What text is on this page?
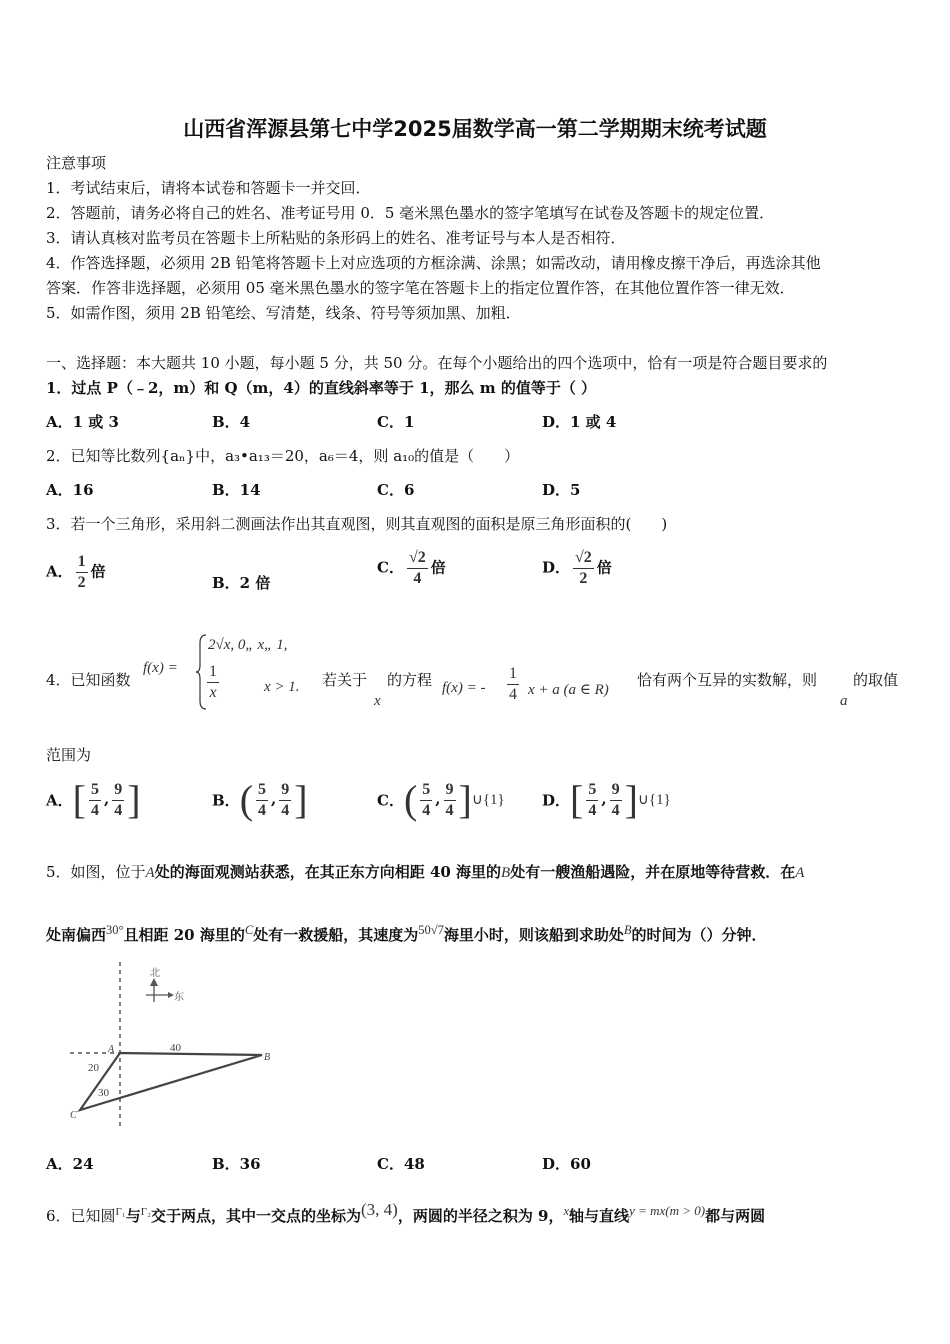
山西省浑源县第七中学2025届数学高一第二学期期末统考试题
注意事项
1．考试结束后，请将本试卷和答题卡一并交回．
2．答题前，请务必将自己的姓名、准考证号用 0．5 毫米黑色墨水的签字笔填写在试卷及答题卡的规定位置．
3．请认真核对监考员在答题卡上所粘贴的条形码上的姓名、准考证号与本人是否相符．
4．作答选择题，必须用 2B 铅笔将答题卡上对应选项的方框涂满、涂黑；如需改动，请用橡皮擦干净后，再选涂其他
答案．作答非选择题，必须用 05 毫米黑色墨水的签字笔在答题卡上的指定位置作答，在其他位置作答一律无效．
5．如需作图，须用 2B 铅笔绘、写清楚，线条、符号等须加黑、加粗．
一、选择题：本大题共 10 小题，每小题 5 分，共 50 分。在每个小题给出的四个选项中，恰有一项是符合题目要求的
1．过点 P（﹣2，m）和 Q（m，4）的直线斜率等于 1，那么 m 的值等于（ ）
A．1 或 3	B．4	C．1	D．1 或 4
2．已知等比数列{aₙ}中，a₃•a₁₃＝20，a₆＝4，则 a₁₀的值是（　　）
A．16	B．14	C．6	D．5
3．若一个三角形，采用斜二测画法作出其直观图，则其直观图的面积是原三角形面积的(　　)
A． $\frac{1}{2}$ 倍
B．2 倍
C． $\frac{√2}{4}$ 倍	D． $\frac{√2}{2}$ 倍
4．已知函数
f(x) =
2√x, 0„ x„ 1,
$\frac{1}{x}$	x > 1. 若关于
x
的方程 f(x) = - $\frac{1}{4}$ x + a (a ∈ R)
恰有两个互异的实数解，则
a
的取值
范围为
A．[ $\frac{5}{4}$ , $\frac{9}{4}$ ]	B．( $\frac{5}{4}$ , $\frac{9}{4}$ ]	C．( $\frac{5}{4}$ , $\frac{9}{4}$ ]∪{1} D．[ $\frac{5}{4}$ , $\frac{9}{4}$ ]∪{1}
5．如图，位于A处的海面观测站获悉，在其正东方向相距 40 海里的B处有一艘渔船遇险，并在原地等待营救．在A
处南偏西$^{30^\circ}$且相距 20 海里的$^C$处有一救援船，其速度为$^{50√7}$海里小时，则该船到求助处$^B$的时间为（）分钟．
北
东
A
B
C
40
20
30
A．24	B．36	C．48	D．60
6．已知圆$^{\Gamma_1}$与$^{\Gamma_2}$交于两点，其中一交点的坐标为$^{(3, 4)}$，两圆的半径之积为 9，$^x$轴与直线$^{y = mx(m > 0)}$都与两圆
